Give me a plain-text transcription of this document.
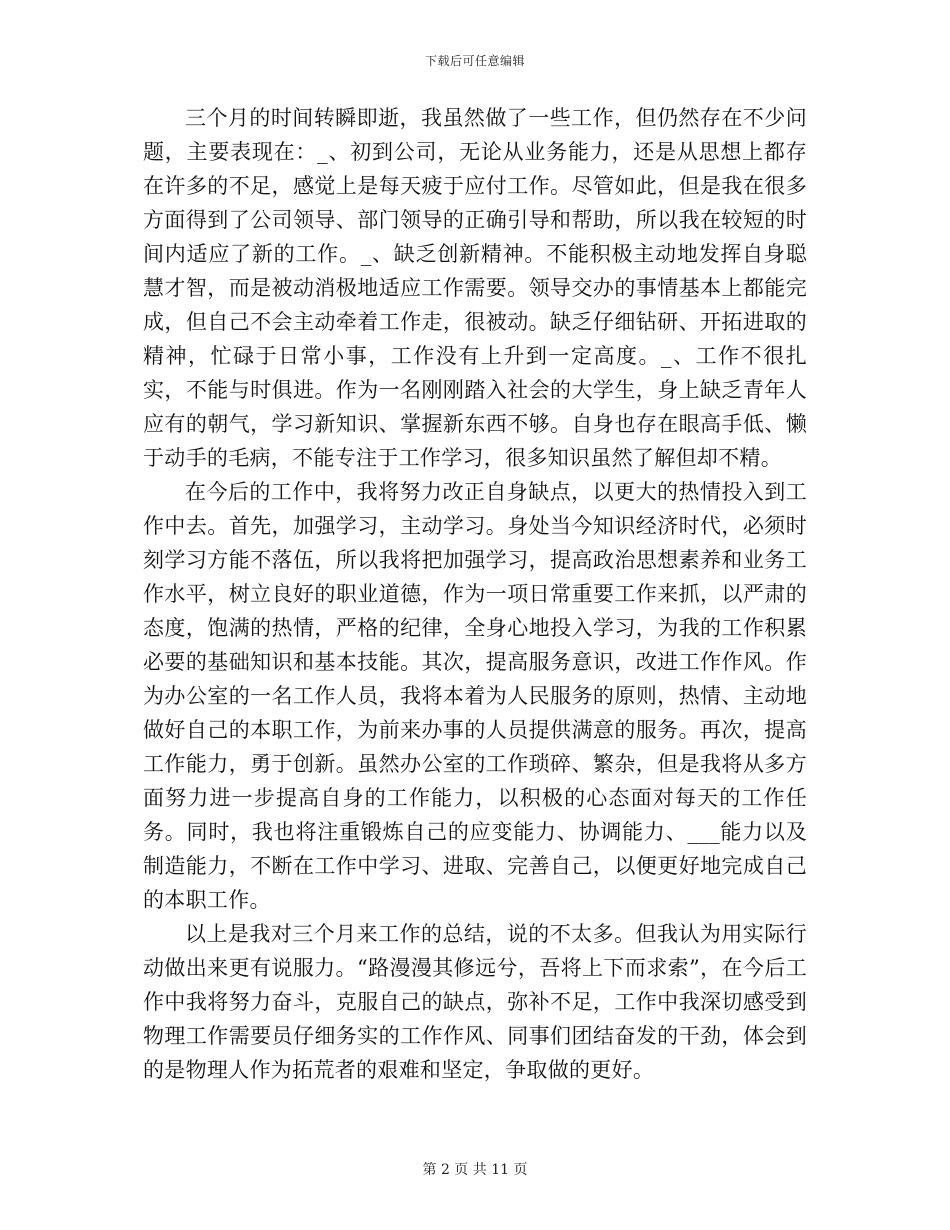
下载后可任意编辑

三个月的时间转瞬即逝，我虽然做了一些工作，但仍然存在不少问题，主要表现在：_、初到公司，无论从业务能力，还是从思想上都存在许多的不足，感觉上是每天疲于应付工作。尽管如此，但是我在很多方面得到了公司领导、部门领导的正确引导和帮助，所以我在较短的时间内适应了新的工作。_、缺乏创新精神。不能积极主动地发挥自身聪慧才智，而是被动消极地适应工作需要。领导交办的事情基本上都能完成，但自己不会主动牵着工作走，很被动。缺乏仔细钻研、开拓进取的精神，忙碌于日常小事，工作没有上升到一定高度。_、工作不很扎实，不能与时俱进。作为一名刚刚踏入社会的大学生，身上缺乏青年人应有的朝气，学习新知识、掌握新东西不够。自身也存在眼高手低、懒于动手的毛病，不能专注于工作学习，很多知识虽然了解但却不精。

在今后的工作中，我将努力改正自身缺点，以更大的热情投入到工作中去。首先，加强学习，主动学习。身处当今知识经济时代，必须时刻学习方能不落伍，所以我将把加强学习，提高政治思想素养和业务工作水平，树立良好的职业道德，作为一项日常重要工作来抓，以严肃的态度，饱满的热情，严格的纪律，全身心地投入学习，为我的工作积累必要的基础知识和基本技能。其次，提高服务意识，改进工作作风。作为办公室的一名工作人员，我将本着为人民服务的原则，热情、主动地做好自己的本职工作，为前来办事的人员提供满意的服务。再次，提高工作能力，勇于创新。虽然办公室的工作琐碎、繁杂，但是我将从多方面努力进一步提高自身的工作能力，以积极的心态面对每天的工作任务。同时，我也将注重锻炼自己的应变能力、协调能力、___能力以及制造能力，不断在工作中学习、进取、完善自己，以便更好地完成自己的本职工作。

以上是我对三个月来工作的总结，说的不太多。但我认为用实际行动做出来更有说服力。“路漫漫其修远兮，吾将上下而求索”，在今后工作中我将努力奋斗，克服自己的缺点，弥补不足，工作中我深切感受到物理工作需要员仔细务实的工作作风、同事们团结奋发的干劲，体会到的是物理人作为拓荒者的艰难和坚定，争取做的更好。

第 2 页 共 11 页
